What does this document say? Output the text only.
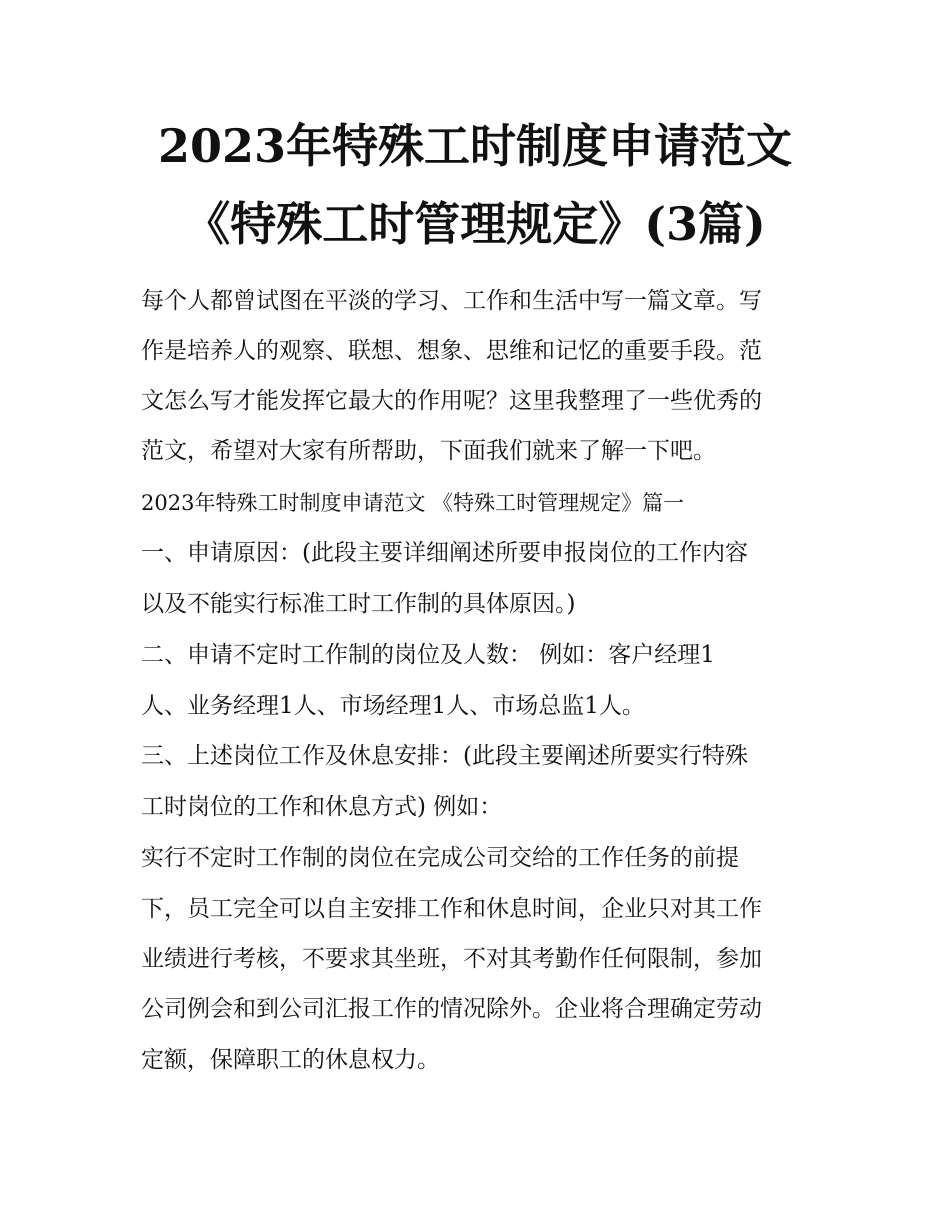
2023年特殊工时制度申请范文
《特殊工时管理规定》(3篇)
每个人都曾试图在平淡的学习、工作和生活中写一篇文章。写
作是培养人的观察、联想、想象、思维和记忆的重要手段。范
文怎么写才能发挥它最大的作用呢？这里我整理了一些优秀的
范文，希望对大家有所帮助，下面我们就来了解一下吧。
2023年特殊工时制度申请范文 《特殊工时管理规定》篇一
一、申请原因：(此段主要详细阐述所要申报岗位的工作内容
以及不能实行标准工时工作制的具体原因。)
二、申请不定时工作制的岗位及人数： 例如：客户经理1
人、业务经理1人、市场经理1人、市场总监1人。
三、上述岗位工作及休息安排：(此段主要阐述所要实行特殊
工时岗位的工作和休息方式) 例如：
实行不定时工作制的岗位在完成公司交给的工作任务的前提
下，员工完全可以自主安排工作和休息时间，企业只对其工作
业绩进行考核，不要求其坐班，不对其考勤作任何限制，参加
公司例会和到公司汇报工作的情况除外。企业将合理确定劳动
定额，保障职工的休息权力。
